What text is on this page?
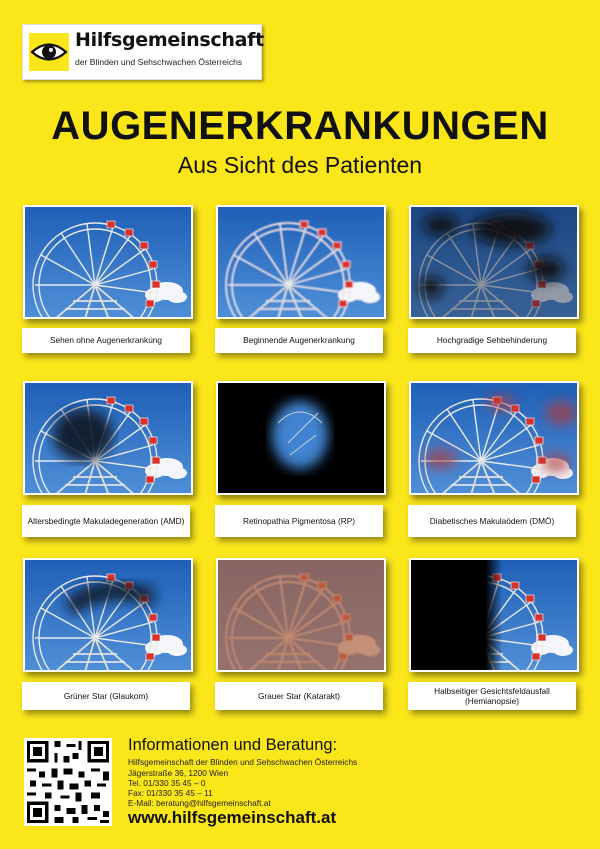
Hilfsgemeinschaft
der Blinden und Sehschwachen Österreichs
AUGENERKRANKUNGEN
Aus Sicht des Patienten
Sehen ohne Augenerkrankung	Beginnende Augenerkrankung	Hochgradige Sehbehinderung
Altersbedingte Makuladegeneration (AMD)	Retinopathia Pigmentosa (RP)	Diabetisches Makulaödem (DMÖ)
Grüner Star (Glaukom)	Grauer Star (Katarakt)
Halbseitiger Gesichtsfeldausfall (Hemianopsie)
Informationen und Beratung:
Hilfsgemeinschaft der Blinden und Sehschwachen Österreichs
Jägerstraße 36, 1200 Wien
Tel. 01/330 35 45 – 0
Fax: 01/330 35 45 – 11
E-Mail: beratung@hilfsgemeinschaft.at
www.hilfsgemeinschaft.at
